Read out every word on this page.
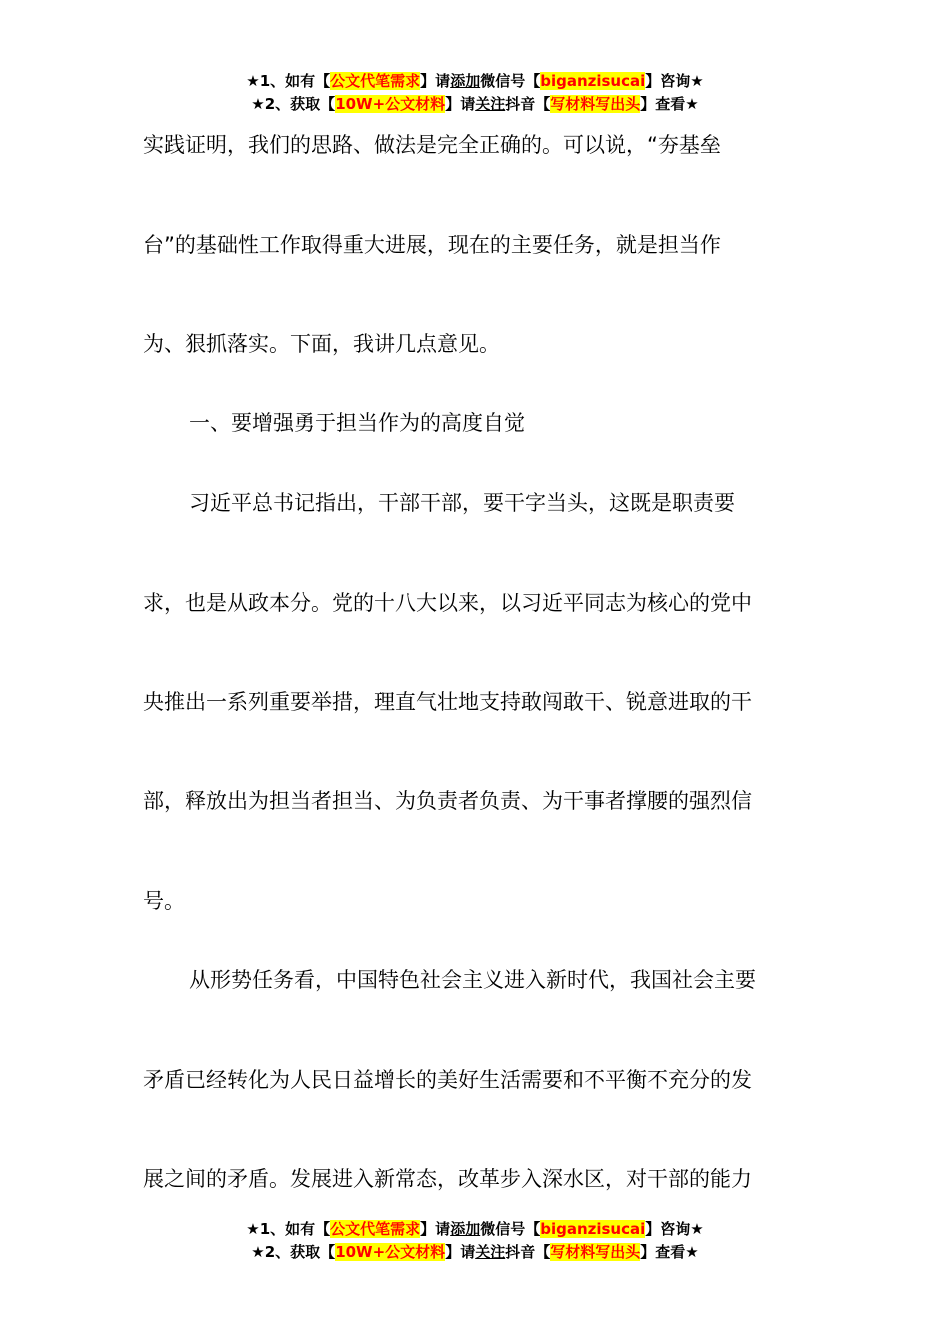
★1、如有【公文代笔需求】请添加微信号【biganzisucai】咨询★
★2、获取【10W+公文材料】请关注抖音【写材料写出头】查看★
实践证明，我们的思路、做法是完全正确的。可以说，“夯基垒
台”的基础性工作取得重大进展，现在的主要任务，就是担当作
为、狠抓落实。下面，我讲几点意见。
一、要增强勇于担当作为的高度自觉
习近平总书记指出，干部干部，要干字当头，这既是职责要
求，也是从政本分。党的十八大以来，以习近平同志为核心的党中
央推出一系列重要举措，理直气壮地支持敢闯敢干、锐意进取的干
部，释放出为担当者担当、为负责者负责、为干事者撑腰的强烈信
号。
从形势任务看，中国特色社会主义进入新时代，我国社会主要
矛盾已经转化为人民日益增长的美好生活需要和不平衡不充分的发
展之间的矛盾。发展进入新常态，改革步入深水区，对干部的能力
★1、如有【公文代笔需求】请添加微信号【biganzisucai】咨询★
★2、获取【10W+公文材料】请关注抖音【写材料写出头】查看★
